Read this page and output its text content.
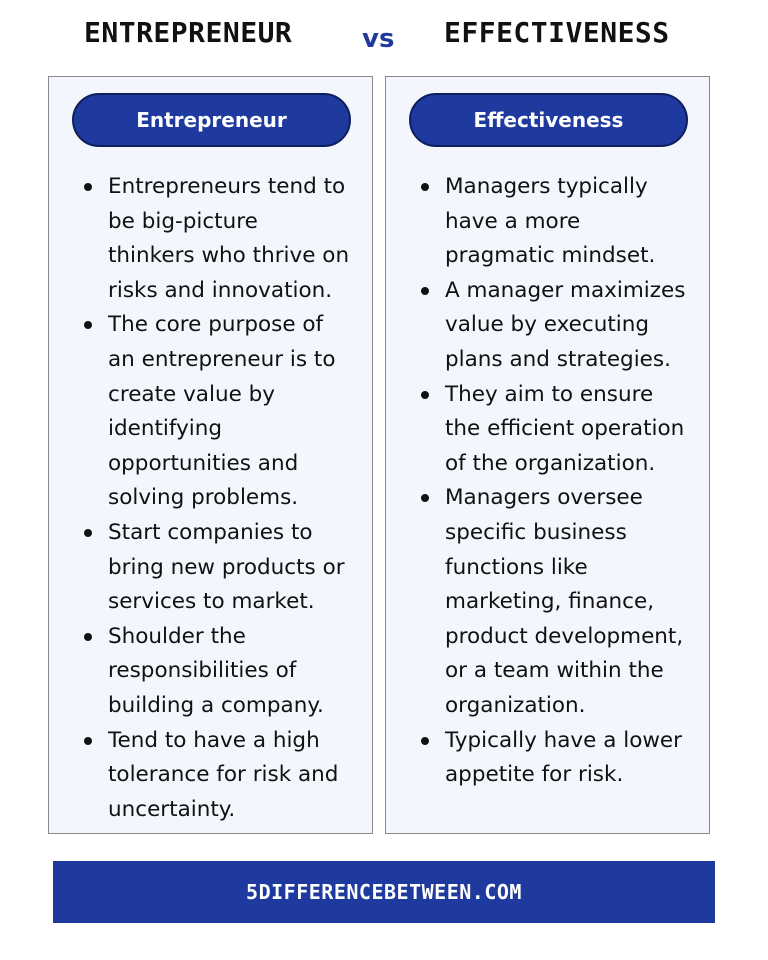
ENTREPRENEUR	vs EFFECTIVENESS
Entrepreneur
Entrepreneurs tend to
be big-picture
thinkers who thrive on
risks and innovation.
The core purpose of
an entrepreneur is to
create value by
identifying
opportunities and
solving problems.
Start companies to
bring new products or
services to market.
Shoulder the
responsibilities of
building a company.
Tend to have a high
tolerance for risk and
uncertainty.
Effectiveness
Managers typically
have a more
pragmatic mindset.
A manager maximizes
value by executing
plans and strategies.
They aim to ensure
the efficient operation
of the organization.
Managers oversee
specific business
functions like
marketing, finance,
product development,
or a team within the
organization.
Typically have a lower
appetite for risk.
5DIFFERENCEBETWEEN.COM
